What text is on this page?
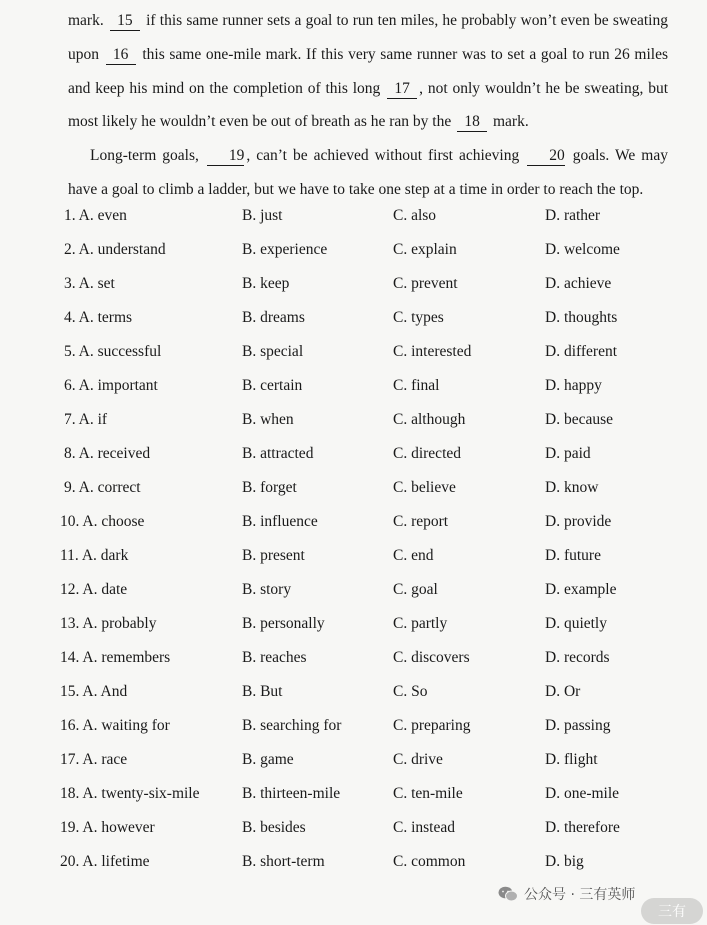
mark. 15 if this same runner sets a goal to run ten miles, he probably won’t even be sweating upon 16 this same one-mile mark. If this very same runner was to set a goal to run 26 miles and keep his mind on the completion of this long 17 , not only wouldn’t he be sweating, but most likely he wouldn’t even be out of breath as he ran by the 18 mark.

Long-term goals, 19 , can’t be achieved without first achieving 20 goals. We may have a goal to climb a ladder, but we have to take one step at a time in order to reach the top.

1. A. even	B. just	C. also	D. rather
2. A. understand	B. experience	C. explain	D. welcome
3. A. set	B. keep	C. prevent	D. achieve
4. A. terms	B. dreams	C. types	D. thoughts
5. A. successful	B. special	C. interested	D. different
6. A. important	B. certain	C. final	D. happy
7. A. if	B. when	C. although	D. because
8. A. received	B. attracted	C. directed	D. paid
9. A. correct	B. forget	C. believe	D. know
10. A. choose	B. influence	C. report	D. provide
11. A. dark	B. present	C. end	D. future
12. A. date	B. story	C. goal	D. example
13. A. probably	B. personally	C. partly	D. quietly
14. A. remembers	B. reaches	C. discovers	D. records
15. A. And	B. But	C. So	D. Or
16. A. waiting for	B. searching for	C. preparing	D. passing
17. A. race	B. game	C. drive	D. flight
18. A. twenty-six-mile	B. thirteen-mile	C. ten-mile	D. one-mile
19. A. however	B. besides	C. instead	D. therefore
20. A. lifetime	B. short-term	C. common	D. big
公众号 · 三有英师
三有
